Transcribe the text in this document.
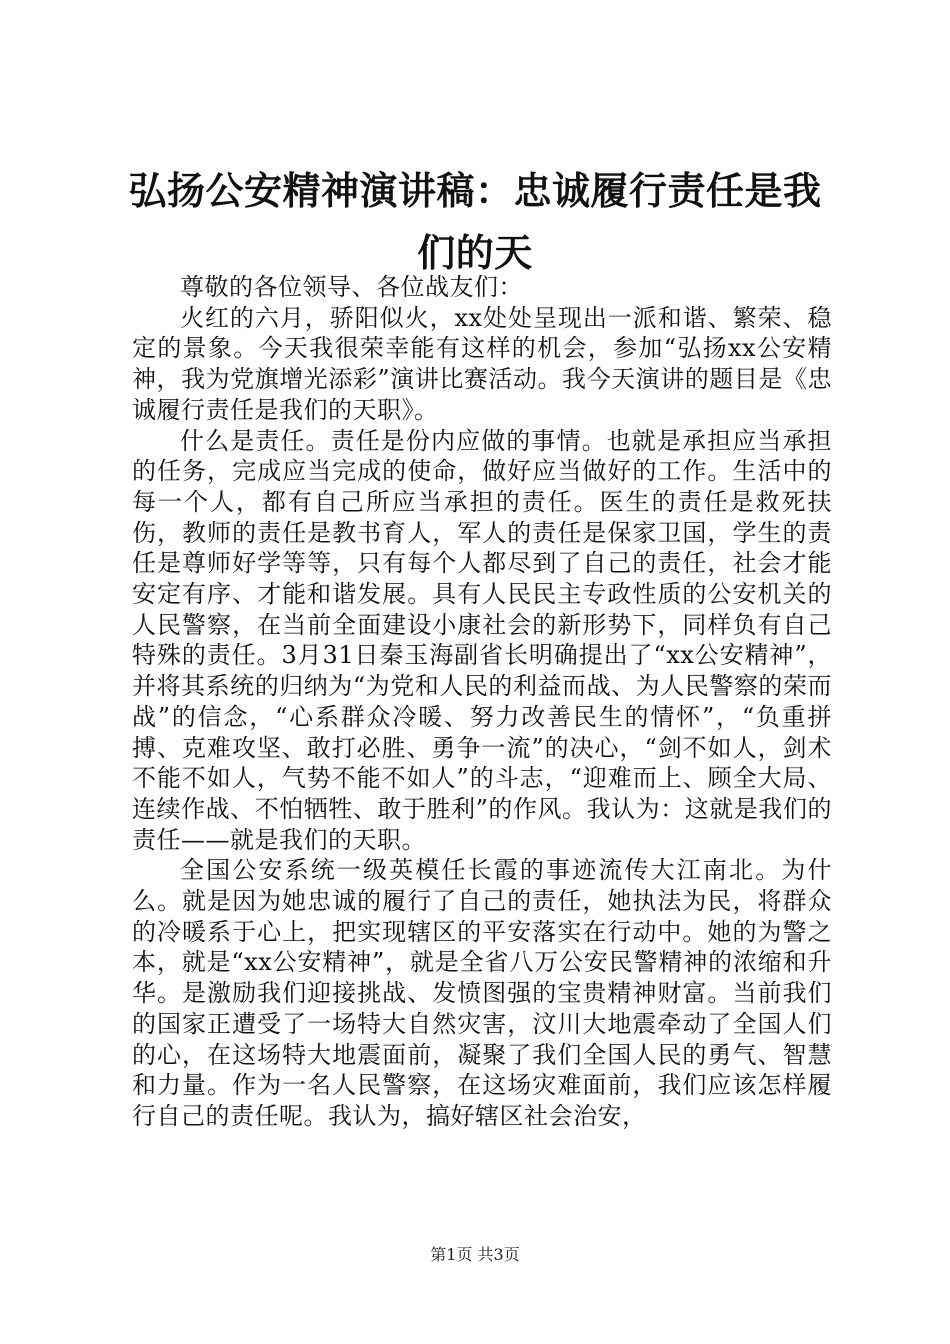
弘扬公安精神演讲稿：忠诚履行责任是我们的天

尊敬的各位领导、各位战友们：

火红的六月，骄阳似火，xx处处呈现出一派和谐、繁荣、稳定的景象。今天我很荣幸能有这样的机会，参加“弘扬xx公安精神，我为党旗增光添彩”演讲比赛活动。我今天演讲的题目是《忠诚履行责任是我们的天职》。

什么是责任。责任是份内应做的事情。也就是承担应当承担的任务，完成应当完成的使命，做好应当做好的工作。生活中的每一个人，都有自己所应当承担的责任。医生的责任是救死扶伤，教师的责任是教书育人，军人的责任是保家卫国，学生的责任是尊师好学等等，只有每个人都尽到了自己的责任，社会才能安定有序、才能和谐发展。具有人民民主专政性质的公安机关的人民警察，在当前全面建设小康社会的新形势下，同样负有自己特殊的责任。3月31日秦玉海副省长明确提出了“xx公安精神”，并将其系统的归纳为“为党和人民的利益而战、为人民警察的荣而战”的信念，“心系群众冷暖、努力改善民生的情怀”，“负重拼搏、克难攻坚、敢打必胜、勇争一流”的决心，“剑不如人，剑术不能不如人，气势不能不如人”的斗志，“迎难而上、顾全大局、连续作战、不怕牺牲、敢于胜利”的作风。我认为：这就是我们的责任——就是我们的天职。

全国公安系统一级英模任长霞的事迹流传大江南北。为什么。就是因为她忠诚的履行了自己的责任，她执法为民，将群众的冷暖系于心上，把实现辖区的平安落实在行动中。她的为警之本，就是“xx公安精神”，就是全省八万公安民警精神的浓缩和升华。是激励我们迎接挑战、发愤图强的宝贵精神财富。当前我们的国家正遭受了一场特大自然灾害，汶川大地震牵动了全国人们的心，在这场特大地震面前，凝聚了我们全国人民的勇气、智慧和力量。作为一名人民警察，在这场灾难面前，我们应该怎样履行自己的责任呢。我认为，搞好辖区社会治安，

第1页 共3页
